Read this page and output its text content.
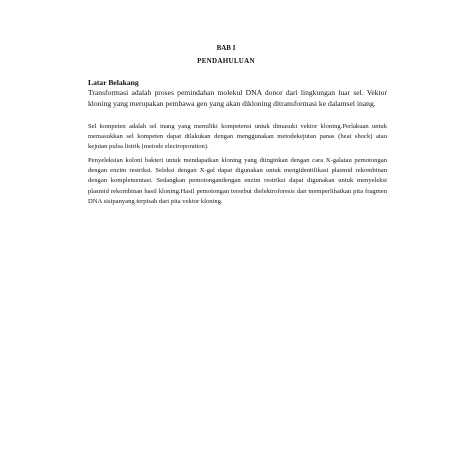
BAB I
PENDAHULUAN
Latar Belakang

Transformasi adalah proses pemindahan molekul DNA donor dari lingkungan luar sel. Vektor kloning yang merupakan pembawa gen yang akan dikloning ditransformasi ke dalamsel inang.

Sel kompeten adalah sel inang yang memiliki kompetensi untuk dimasuki vektor kloning.Perlakuan untuk memasukkan sel kompeten dapat dilakukan dengan menggunakan metodekejutan panas (heat shock) atau kejutan pulsa listrik (metode electroporation).

Penyeleksian koloni bakteri untuk mendapatkan kloning yang diinginkan dengan cara X-galatau pemotongan dengan enzim restriksi. Seleksi dengan X-gal dapat digunakan untuk mengidentifikasi plasmid rekombinan dengan komplementasi. Sedangkan pemotongandengan enzim restriksi dapat digunakan untuk menyeleksi plasmid rekombinan hasil kloning.Hasil pemotongan tersebut dielektroforesis dan memperlihatkan pita fragmen DNA sisipanyang terpisah dari pita vektor kloning.
